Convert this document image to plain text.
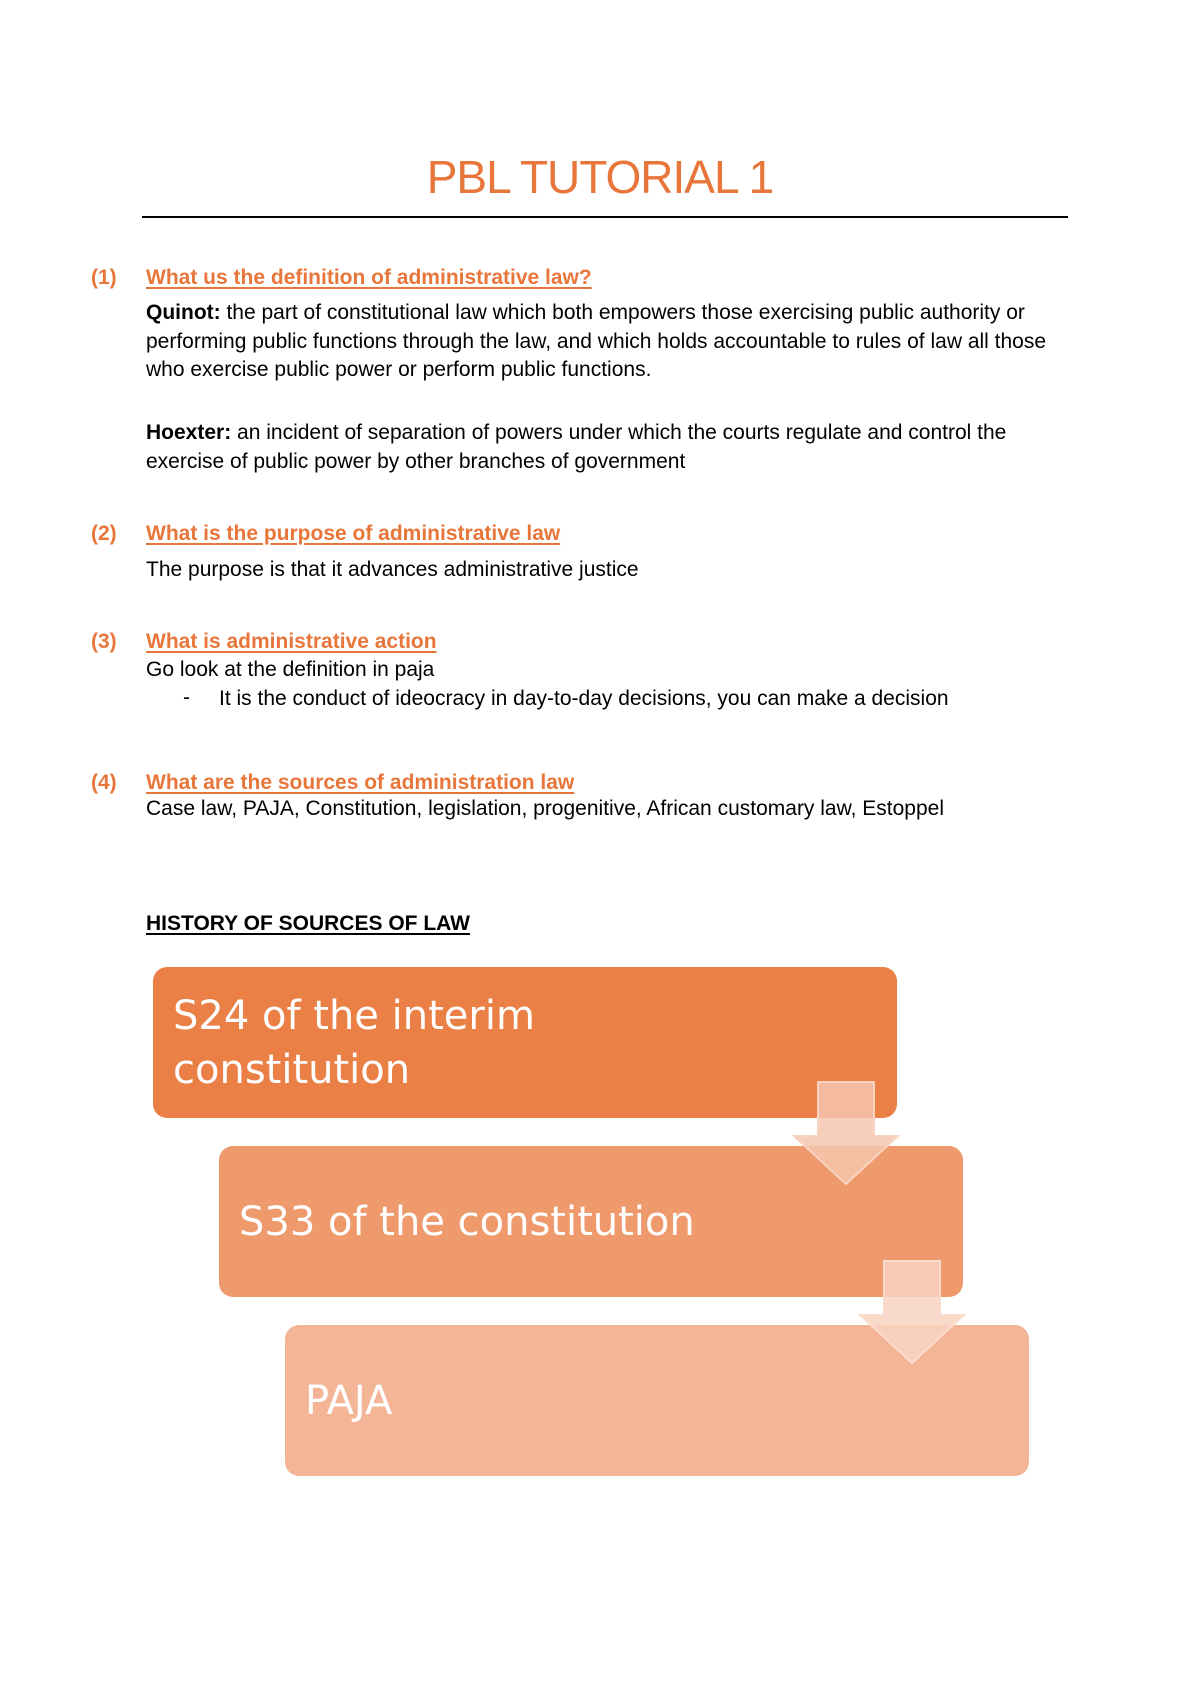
PBL TUTORIAL 1
(1) What us the definition of administrative law?
Quinot: the part of constitutional law which both empowers those exercising public authority or performing public functions through the law, and which holds accountable to rules of law all those who exercise public power or perform public functions.
Hoexter: an incident of separation of powers under which the courts regulate and control the exercise of public power by other branches of government
(2) What is the purpose of administrative law
The purpose is that it advances administrative justice
(3) What is administrative action
Go look at the definition in paja
- It is the conduct of ideocracy in day-to-day decisions, you can make a decision
(4) What are the sources of administration law
Case law, PAJA, Constitution, legislation, progenitive, African customary law, Estoppel
HISTORY OF SOURCES OF LAW
S24 of the interim constitution
S33 of the constitution
PAJA
